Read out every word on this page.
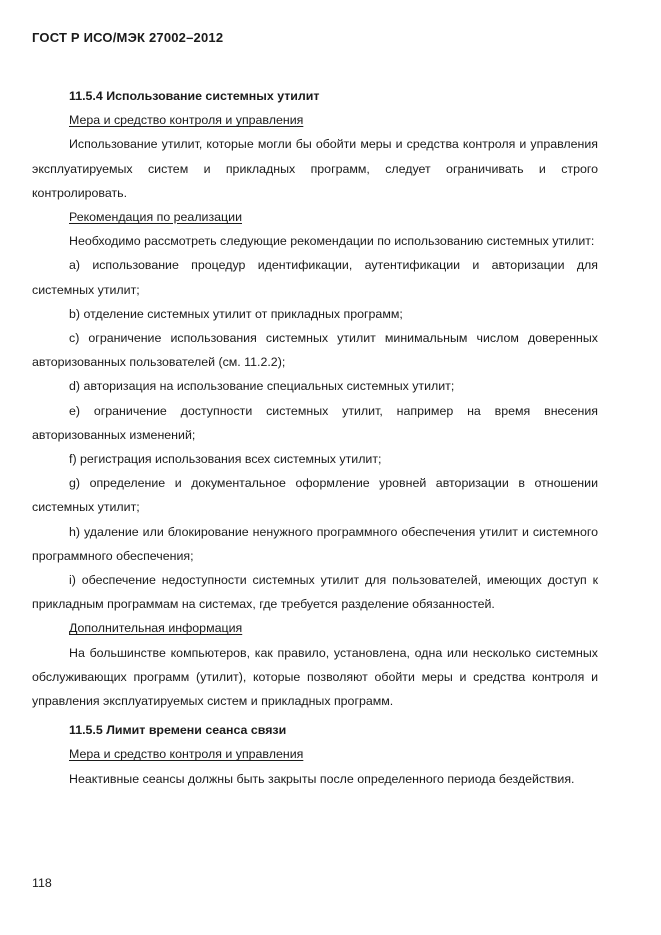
ГОСТ Р ИСО/МЭК 27002–2012

11.5.4 Использование системных утилит

Мера и средство контроля и управления

Использование утилит, которые могли бы обойти меры и средства контроля и управления эксплуатируемых систем и прикладных программ, следует ограничивать и строго контролировать.

Рекомендация по реализации

Необходимо рассмотреть следующие рекомендации по использованию системных утилит:

a) использование процедур идентификации, аутентификации и авторизации для системных утилит;

b) отделение системных утилит от прикладных программ;

c) ограничение использования системных утилит минимальным числом доверенных авторизованных пользователей (см. 11.2.2);

d) авторизация на использование специальных системных утилит;

e) ограничение доступности системных утилит, например на время внесения авторизованных изменений;

f) регистрация использования всех системных утилит;

g) определение и документальное оформление уровней авторизации в отношении системных утилит;

h) удаление или блокирование ненужного программного обеспечения утилит и системного программного обеспечения;

i) обеспечение недоступности системных утилит для пользователей, имеющих доступ к прикладным программам на системах, где требуется разделение обязанностей.

Дополнительная информация

На большинстве компьютеров, как правило, установлена, одна или несколько системных обслуживающих программ (утилит), которые позволяют обойти меры и средства контроля и управления эксплуатируемых систем и прикладных программ.

11.5.5 Лимит времени сеанса связи

Мера и средство контроля и управления

Неактивные сеансы должны быть закрыты после определенного периода бездействия.

118
